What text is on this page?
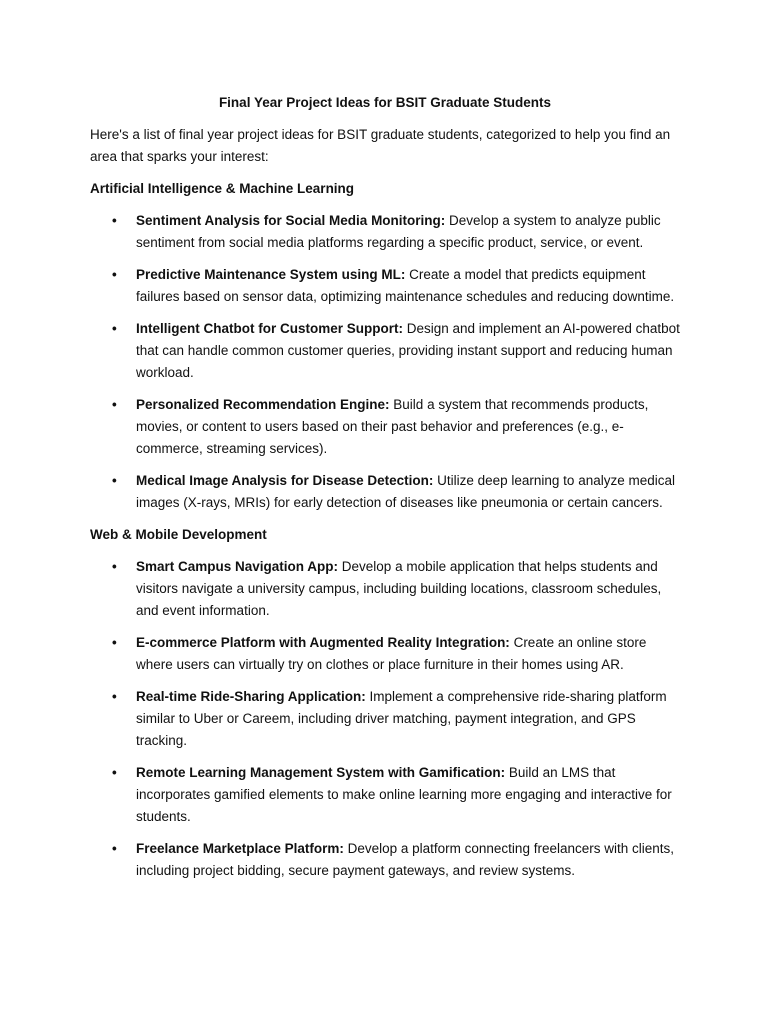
Final Year Project Ideas for BSIT Graduate Students
Here's a list of final year project ideas for BSIT graduate students, categorized to help you find an area that sparks your interest:
Artificial Intelligence & Machine Learning
• Sentiment Analysis for Social Media Monitoring: Develop a system to analyze public sentiment from social media platforms regarding a specific product, service, or event.
• Predictive Maintenance System using ML: Create a model that predicts equipment failures based on sensor data, optimizing maintenance schedules and reducing downtime.
• Intelligent Chatbot for Customer Support: Design and implement an AI-powered chatbot that can handle common customer queries, providing instant support and reducing human workload.
• Personalized Recommendation Engine: Build a system that recommends products, movies, or content to users based on their past behavior and preferences (e.g., e-commerce, streaming services).
• Medical Image Analysis for Disease Detection: Utilize deep learning to analyze medical images (X-rays, MRIs) for early detection of diseases like pneumonia or certain cancers.
Web & Mobile Development
• Smart Campus Navigation App: Develop a mobile application that helps students and visitors navigate a university campus, including building locations, classroom schedules, and event information.
• E-commerce Platform with Augmented Reality Integration: Create an online store where users can virtually try on clothes or place furniture in their homes using AR.
• Real-time Ride-Sharing Application: Implement a comprehensive ride-sharing platform similar to Uber or Careem, including driver matching, payment integration, and GPS tracking.
• Remote Learning Management System with Gamification: Build an LMS that incorporates gamified elements to make online learning more engaging and interactive for students.
• Freelance Marketplace Platform: Develop a platform connecting freelancers with clients, including project bidding, secure payment gateways, and review systems.
